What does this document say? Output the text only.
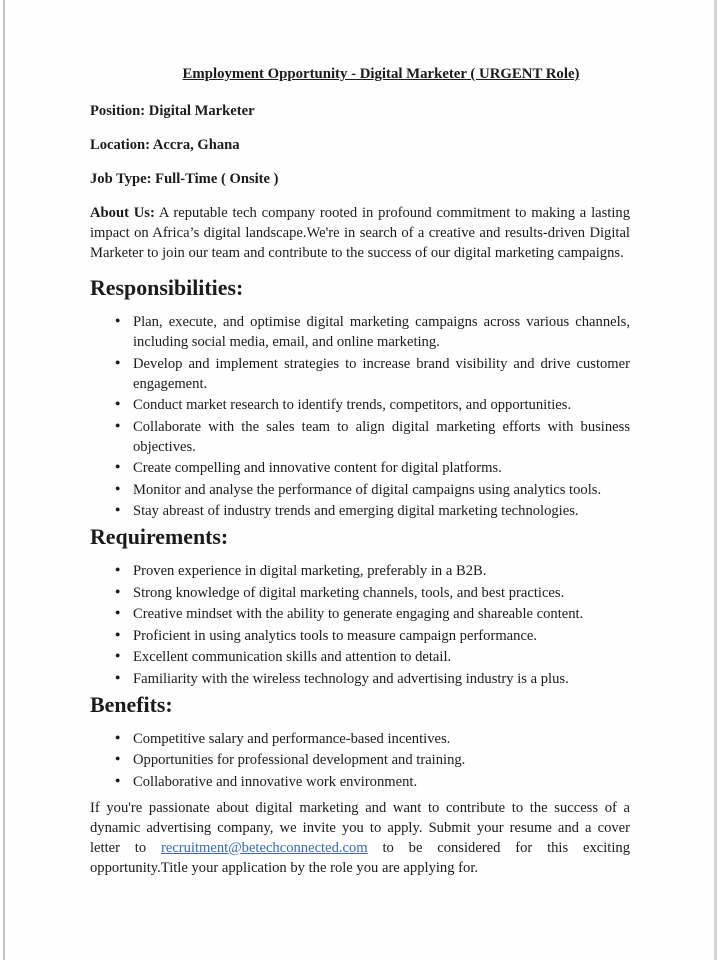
Employment Opportunity - Digital Marketer ( URGENT Role)

Position: Digital Marketer

Location: Accra, Ghana

Job Type: Full-Time ( Onsite )

About Us: A reputable tech company rooted in profound commitment to making a lasting impact on Africa’s digital landscape.We're in search of a creative and results-driven Digital Marketer to join our team and contribute to the success of our digital marketing campaigns.

Responsibilities:
● Plan, execute, and optimise digital marketing campaigns across various channels, including social media, email, and online marketing.
● Develop and implement strategies to increase brand visibility and drive customer engagement.
● Conduct market research to identify trends, competitors, and opportunities.
● Collaborate with the sales team to align digital marketing efforts with business objectives.
● Create compelling and innovative content for digital platforms.
● Monitor and analyse the performance of digital campaigns using analytics tools.
● Stay abreast of industry trends and emerging digital marketing technologies.
Requirements:
● Proven experience in digital marketing, preferably in a B2B.
● Strong knowledge of digital marketing channels, tools, and best practices.
● Creative mindset with the ability to generate engaging and shareable content.
● Proficient in using analytics tools to measure campaign performance.
● Excellent communication skills and attention to detail.
● Familiarity with the wireless technology and advertising industry is a plus.
Benefits:
● Competitive salary and performance-based incentives.
● Opportunities for professional development and training.
● Collaborative and innovative work environment.

If you're passionate about digital marketing and want to contribute to the success of a dynamic advertising company, we invite you to apply. Submit your resume and a cover letter to recruitment@betechconnected.com to be considered for this exciting opportunity.Title your application by the role you are applying for.
